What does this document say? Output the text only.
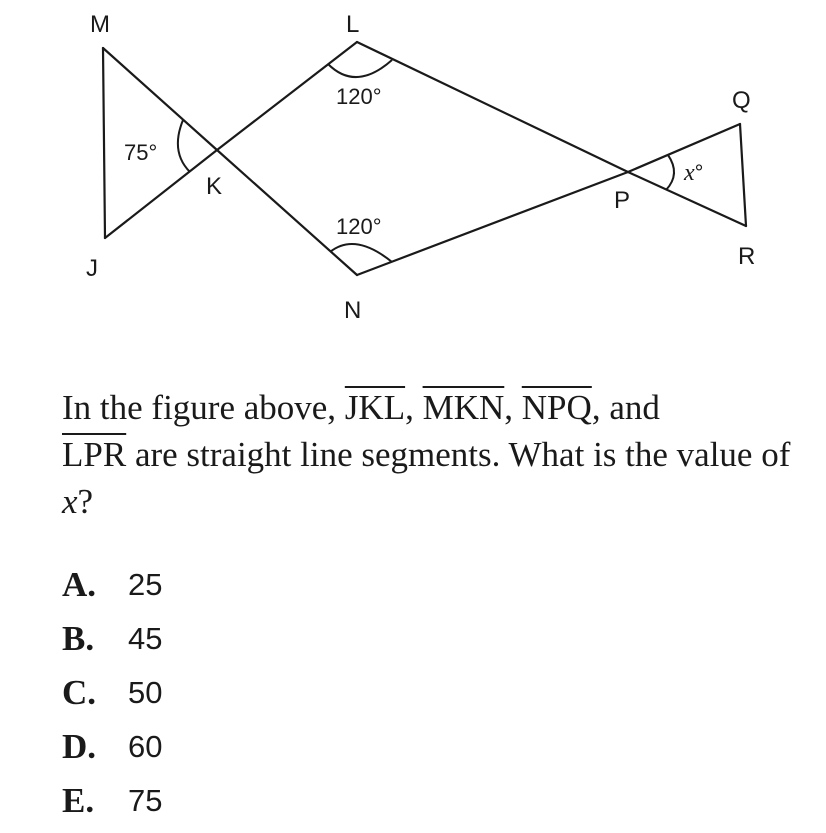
M	L
K
J
N
P
Q
R
75°
120°
120°
x°

In the figure above, $\overline{JKL}$, $\overline{MKN}$, $\overline{NPQ}$, and
$\overline{LPR}$ are straight line segments. What is the value of x?

A.	25
B.	45
C.	50
D.	60
E.	75
